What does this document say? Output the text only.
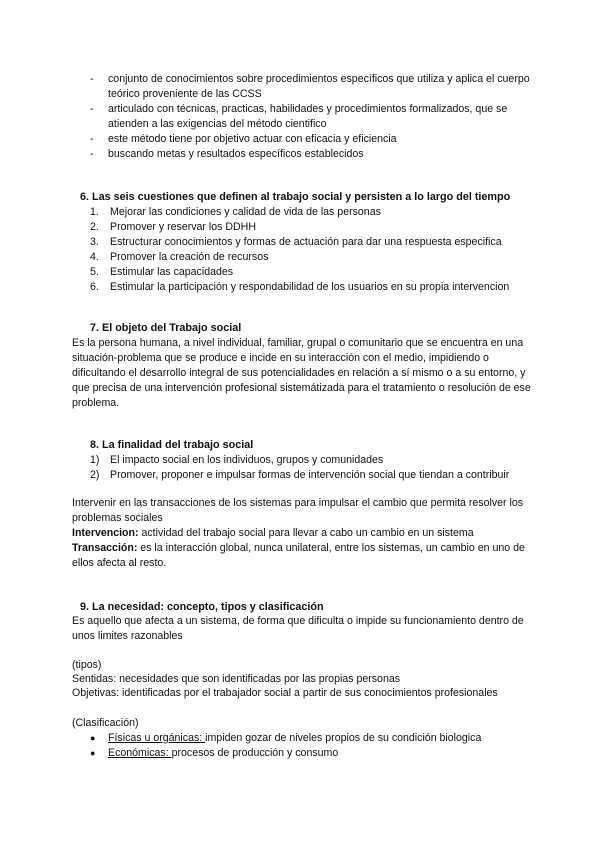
- conjunto de conocimientos sobre procedimientos específicos que utiliza y aplica el cuerpo teórico proveniente de las CCSS
- articulado con técnicas, practicas, habilidades y procedimientos formalizados, que se atienden a las exigencias del método cientifico
- este método tiene por objetivo actuar con eficacia y eficiencia
- buscando metas y resultados específicos establecidos
6. Las seis cuestiones que definen al trabajo social y persisten a lo largo del tiempo
1. Mejorar las condiciones y calidad de vida de las personas
2. Promover y reservar los DDHH
3. Estructurar conocimientos y formas de actuación para dar una respuesta especifica
4. Promover la creación de recursos
5. Estimular las capacidades
6. Estimular la participación y respondabilidad de los usuarios en su propia intervencion
7. El objeto del Trabajo social

Es la persona humana, a nivel individual, familiar, grupal o comunitario que se encuentra en una situación-problema que se produce e incide en su interacción con el medio, impidiendo o dificultando el desarrollo integral de sus potencialidades en relación a sí mismo o a su entorno, y que precisa de una intervención profesional sistemátizada para el tratamiento o resolución de ese problema.

8. La finalidad del trabajo social
1) El impacto social en los individuos, grupos y comunidades
2) Promover, proponer e impulsar formas de intervención social que tiendan a contribuir

Intervenir en las transacciones de los sistemas para impulsar el cambio que permita resolver los problemas sociales

Intervencion: actividad del trabajo social para llevar a cabo un cambio en un sistema

Transacción: es la interacción global, nunca unilateral, entre los sistemas, un cambio en uno de ellos afecta al resto.

9. La necesidad: concepto, tipos y clasificación

Es aquello que afecta a un sistema, de forma que dificulta o impide su funcionamiento dentro de unos limites razonables

(tipos)

Sentidas: necesidades que son identificadas por las propias personas

Objetivas: identificadas por el trabajador social a partir de sus conocimientos profesionales

(Clasificación)

● Físicas u orgánicas: impiden gozar de niveles propios de su condición biologica
● Económicas: procesos de producción y consumo
